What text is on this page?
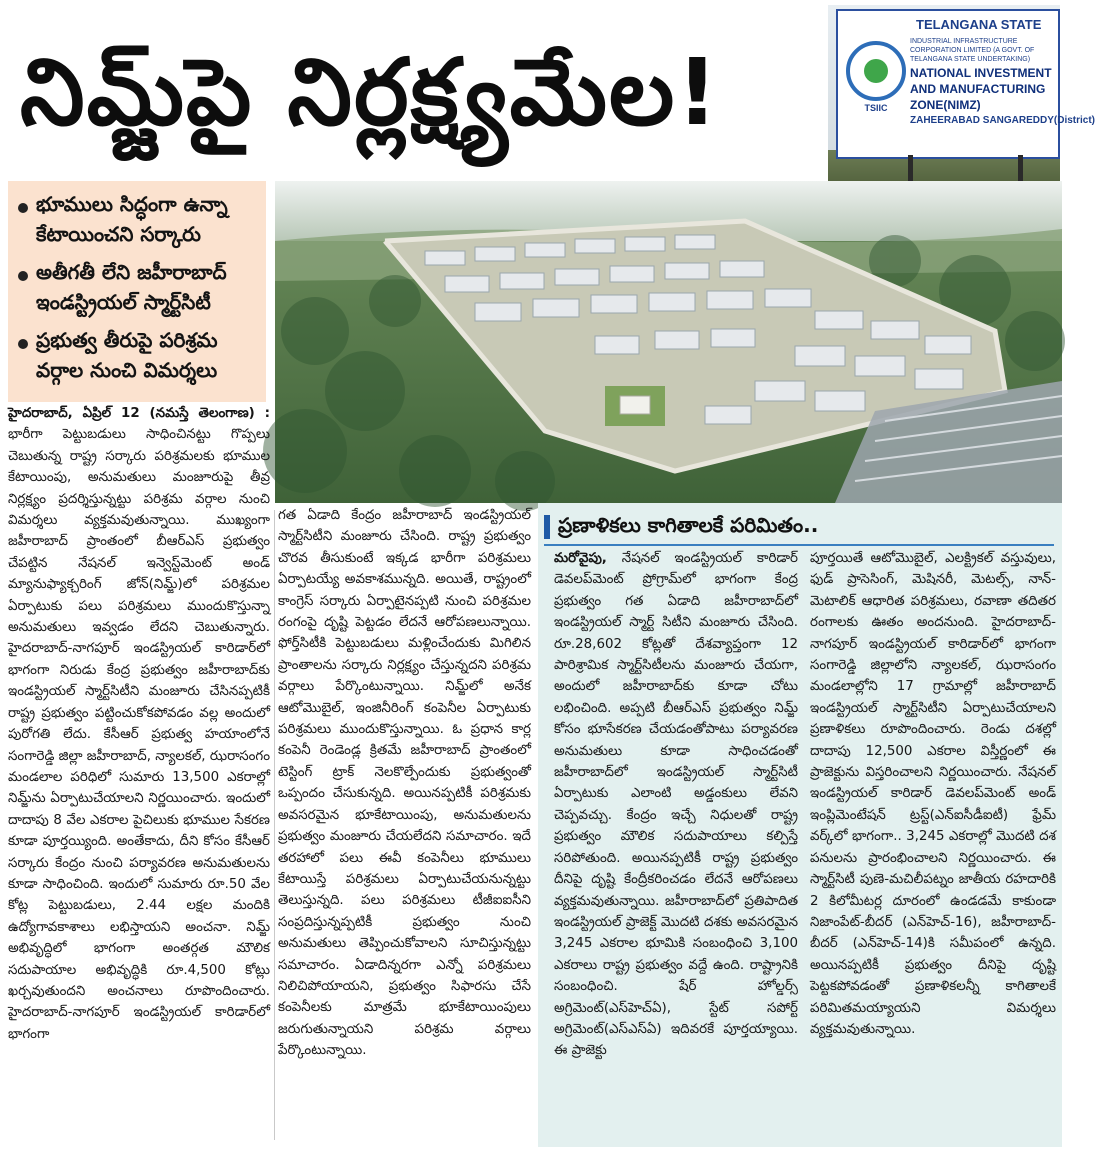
నిమ్జ్‌పై నిర్లక్ష్యమేల!	TSIIC
TELANGANA STATE
INDUSTRIAL INFRASTRUCTURE CORPORATION LIMITED (A GOVT. OF TELANGANA STATE UNDERTAKING)
NATIONAL INVESTMENT AND MANUFACTURING ZONE(NIMZ)
ZAHEERABAD SANGAREDDY(District)
భూములు సిద్ధంగా ఉన్నా కేటాయించని సర్కారు
అతీగతీ లేని జహీరాబాద్ ఇండస్ట్రియల్ స్మార్ట్‌సిటీ
ప్రభుత్వ తీరుపై పరిశ్రమ వర్గాల నుంచి విమర్శలు

హైదరాబాద్, ఏప్రిల్ 12 (నమస్తే తెలంగాణ) : భారీగా పెట్టుబడులు సాధించినట్టు గొప్పలు చెబుతున్న రాష్ట్ర సర్కారు పరిశ్రమలకు భూముల కేటాయింపు, అనుమతులు మంజూరుపై తీవ్ర నిర్లక్ష్యం ప్రదర్శిస్తున్నట్టు పరిశ్రమ వర్గాల నుంచి విమర్శలు వ్యక్తమవుతున్నాయి. ముఖ్యంగా జహీరాబాద్ ప్రాంతంలో బీఆర్‌ఎస్ ప్రభుత్వం చేపట్టిన నేషనల్ ఇన్వెస్ట్‌మెంట్ అండ్ మ్యానుఫ్యాక్చరింగ్ జోన్(నిమ్జ్)లో పరిశ్రమల ఏర్పాటుకు పలు పరిశ్రమలు ముందుకొస్తున్నా అనుమతులు ఇవ్వడం లేదని చెబుతున్నారు. హైదరాబాద్-నాగపూర్ ఇండస్ట్రియల్ కారిడార్‌లో భాగంగా నిరుడు కేంద్ర ప్రభుత్వం జహీరాబాద్‌కు ఇండస్ట్రియల్ స్మార్ట్‌సిటీని మంజూరు చేసినప్పటికీ రాష్ట్ర ప్రభుత్వం పట్టించుకోకపోవడం వల్ల అందులో పురోగతి లేదు. కేసీఆర్ ప్రభుత్వ హయాంలోనే సంగారెడ్డి జిల్లా జహీరాబాద్, న్యాలకల్, ఝరాసంగం మండలాల పరిధిలో సుమారు 13,500 ఎకరాల్లో నిమ్జ్‌ను ఏర్పాటుచేయాలని నిర్ణయించారు. ఇందులో దాదాపు 8 వేల ఎకరాల పైచిలుకు భూముల సేకరణ కూడా పూర్తయ్యింది. అంతేకాదు, దీని కోసం కేసీఆర్ సర్కారు కేంద్రం నుంచి పర్యావరణ అనుమతులను కూడా సాధించింది. ఇందులో సుమారు రూ.50 వేల కోట్ల పెట్టుబడులు, 2.44 లక్షల మందికి ఉద్యోగావకాశాలు లభిస్తాయని అంచనా. నిమ్జ్ అభివృద్ధిలో భాగంగా అంతర్గత మౌలిక సదుపాయాల అభివృద్ధికి రూ.4,500 కోట్లు ఖర్చవుతుందని అంచనాలు రూపొందించారు. హైదరాబాద్-నాగపూర్ ఇండస్ట్రియల్ కారిడార్‌లో భాగంగా

గత ఏడాది కేంద్రం జహీరాబాద్ ఇండస్ట్రియల్ స్మార్ట్‌సిటీని మంజూరు చేసింది. రాష్ట్ర ప్రభుత్వం చొరవ తీసుకుంటే ఇక్కడ భారీగా పరిశ్రమలు ఏర్పాటయ్యే అవకాశమున్నది. అయితే, రాష్ట్రంలో కాంగ్రెస్ సర్కారు ఏర్పాటైనప్పటి నుంచి పరిశ్రమల రంగంపై దృష్టి పెట్టడం లేదనే ఆరోపణలున్నాయి. ఫోర్త్‌సిటీకి పెట్టుబడులు మళ్లించేందుకు మిగిలిన ప్రాంతాలను సర్కారు నిర్లక్ష్యం చేస్తున్నదని పరిశ్రమ వర్గాలు పేర్కొంటున్నాయి. నిమ్జ్‌లో అనేక ఆటోమొబైల్, ఇంజినీరింగ్ కంపెనీల ఏర్పాటుకు పరిశ్రమలు ముందుకొస్తున్నాయి. ఓ ప్రధాన కార్ల కంపెనీ రెండెండ్ల క్రితమే జహీరాబాద్ ప్రాంతంలో టెస్టింగ్ ట్రాక్ నెలకొల్పేందుకు ప్రభుత్వంతో ఒప్పందం చేసుకున్నది. అయినప్పటికీ పరిశ్రమకు అవసరమైన భూకేటాయింపు, అనుమతులను ప్రభుత్వం మంజూరు చేయలేదని సమాచారం. ఇదే తరహాలో పలు ఈవీ కంపెనీలు భూములు కేటాయిస్తే పరిశ్రమలు ఏర్పాటుచేయనున్నట్టు తెలుస్తున్నది. పలు పరిశ్రమలు టీజీఐఐసీని సంప్రదిస్తున్నప్పటికీ ప్రభుత్వం నుంచి అనుమతులు తెప్పించుకోవాలని సూచిస్తున్నట్టు సమాచారం. ఏడాదిన్నరగా ఎన్నో పరిశ్రమలు నిలిచిపోయాయని, ప్రభుత్వం సిఫారసు చేసే కంపెనీలకు మాత్రమే భూకేటాయింపులు జరుగుతున్నాయని పరిశ్రమ వర్గాలు పేర్కొంటున్నాయి.

ప్రణాళికలు కాగితాలకే పరిమితం..

మరోవైపు, నేషనల్ ఇండస్ట్రియల్ కారిడార్ డెవలప్‌మెంట్ ప్రోగ్రామ్‌లో భాగంగా కేంద్ర ప్రభుత్వం గత ఏడాది జహీరాబాద్‌లో ఇండస్ట్రియల్ స్మార్ట్ సిటీని మంజూరు చేసింది. రూ.28,602 కోట్లతో దేశవ్యాప్తంగా 12 పారిశ్రామిక స్మార్ట్‌సిటీలను మంజూరు చేయగా, అందులో జహీరాబాద్‌కు కూడా చోటు లభించింది. అప్పటి బీఆర్‌ఎస్ ప్రభుత్వం నిమ్జ్ కోసం భూసేకరణ చేయడంతోపాటు పర్యావరణ అనుమతులు కూడా సాధించడంతో జహీరాబాద్‌లో ఇండస్ట్రియల్ స్మార్ట్‌సిటీ ఏర్పాటుకు ఎలాంటి అడ్డంకులు లేవని చెప్పవచ్చు. కేంద్రం ఇచ్చే నిధులతో రాష్ట్ర ప్రభుత్వం మౌలిక సదుపాయాలు కల్పిస్తే సరిపోతుంది. అయినప్పటికీ రాష్ట్ర ప్రభుత్వం దీనిపై దృష్టి కేంద్రీకరించడం లేదనే ఆరోపణలు వ్యక్తమవుతున్నాయి. జహీరాబాద్‌లో ప్రతిపాదిత ఇండస్ట్రియల్ ప్రాజెక్ట్ మొదటి దశకు అవసరమైన 3,245 ఎకరాల భూమికి సంబంధించి 3,100 ఎకరాలు రాష్ట్ర ప్రభుత్వం వద్దే ఉంది. రాష్ట్రానికి సంబంధించి. షేర్ హోల్డర్స్ అగ్రిమెంట్(ఎస్‌హెచ్‌ఏ), స్టేట్ సపోర్ట్ అగ్రిమెంట్(ఎస్‌ఎస్‌ఏ) ఇదివరకే పూర్తయ్యాయి. ఈ ప్రాజెక్టు

పూర్తయితే ఆటోమొబైల్, ఎలక్ట్రికల్ వస్తువులు, ఫుడ్ ప్రాసెసింగ్, మెషినరీ, మెటల్స్, నాన్-మెటాలిక్ ఆధారిత పరిశ్రమలు, రవాణా తదితర రంగాలకు ఊతం అందనుంది. హైదరాబాద్-నాగపూర్ ఇండస్ట్రియల్ కారిడార్‌లో భాగంగా సంగారెడ్డి జిల్లాలోని న్యాలకల్, ఝరాసంగం మండలాల్లోని 17 గ్రామాల్లో జహీరాబాద్ ఇండస్ట్రియల్ స్మార్ట్‌సిటీని ఏర్పాటుచేయాలని ప్రణాళికలు రూపొందించారు. రెండు దశల్లో దాదాపు 12,500 ఎకరాల విస్తీర్ణంలో ఈ ప్రాజెక్టును విస్తరించాలని నిర్ణయించారు. నేషనల్ ఇండస్ట్రియల్ కారిడార్ డెవలప్‌మెంట్ అండ్ ఇంప్లిమెంటేషన్ ట్రస్ట్(ఎన్‌ఐసీడీఐటీ) ఫ్రేమ్ వర్క్‌లో భాగంగా.. 3,245 ఎకరాల్లో మొదటి దశ పనులను ప్రారంభించాలని నిర్ణయించారు. ఈ స్మార్ట్‌సిటీ పుణె-మచిలీపట్నం జాతీయ రహదారికి 2 కిలోమీటర్ల దూరంలో ఉండడమే కాకుండా నిజాంపేట్-బీదర్ (ఎన్‌హెచ్-16), జహీరాబాద్-బీదర్ (ఎన్‌హెచ్-14)కి సమీపంలో ఉన్నది. అయినప్పటికీ ప్రభుత్వం దీనిపై దృష్టి పెట్టకపోవడంతో ప్రణాళికలన్నీ కాగితాలకే పరిమితమయ్యాయని విమర్శలు వ్యక్తమవుతున్నాయి.
